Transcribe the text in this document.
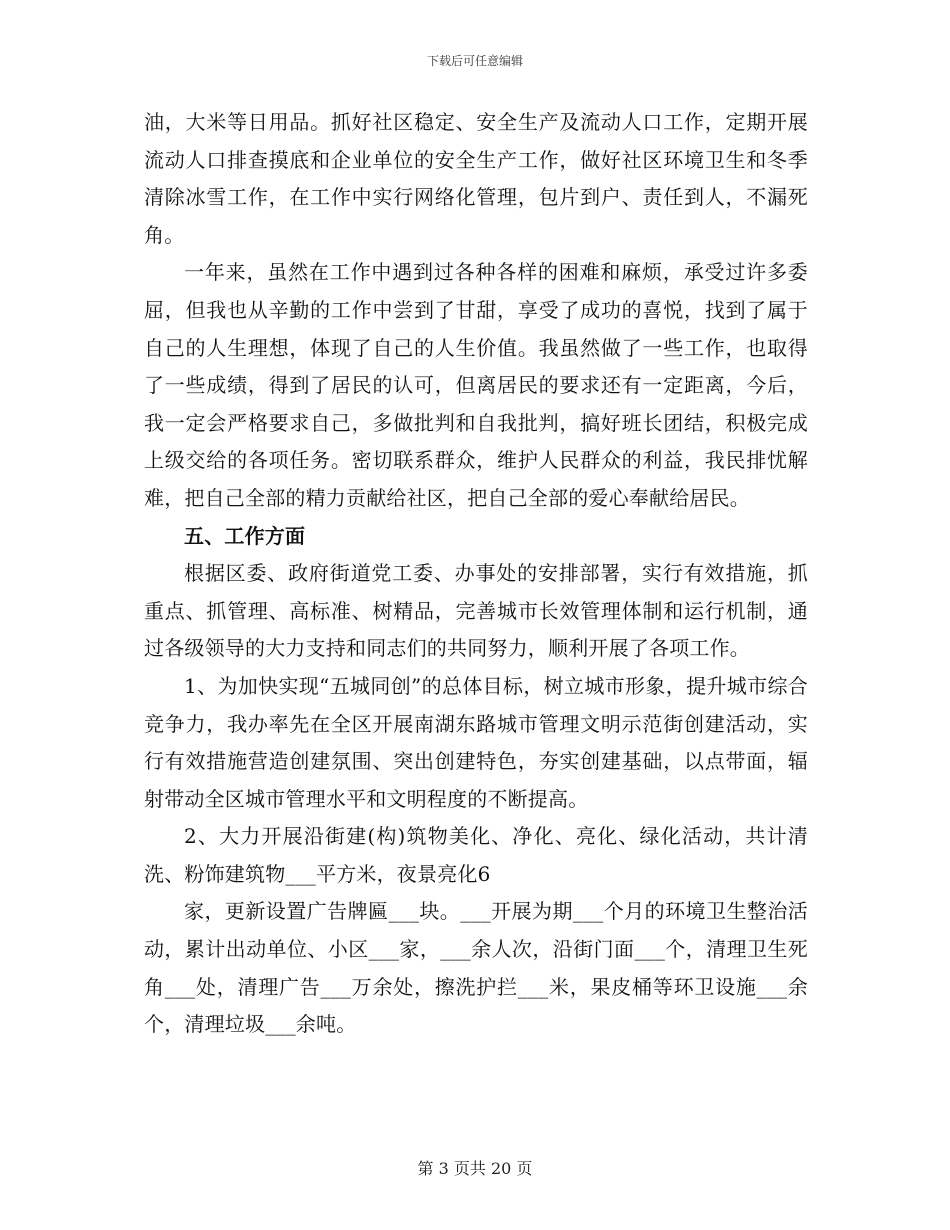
下载后可任意编辑

油，大米等日用品。抓好社区稳定、安全生产及流动人口工作，定期开展流动人口排查摸底和企业单位的安全生产工作，做好社区环境卫生和冬季清除冰雪工作，在工作中实行网络化管理，包片到户、责任到人，不漏死角。

一年来，虽然在工作中遇到过各种各样的困难和麻烦，承受过许多委屈，但我也从辛勤的工作中尝到了甘甜，享受了成功的喜悦，找到了属于自己的人生理想，体现了自己的人生价值。我虽然做了一些工作，也取得了一些成绩，得到了居民的认可，但离居民的要求还有一定距离，今后，我一定会严格要求自己，多做批判和自我批判，搞好班长团结，积极完成上级交给的各项任务。密切联系群众，维护人民群众的利益，我民排忧解难，把自己全部的精力贡献给社区，把自己全部的爱心奉献给居民。

五、工作方面

根据区委、政府街道党工委、办事处的安排部署，实行有效措施，抓重点、抓管理、高标准、树精品，完善城市长效管理体制和运行机制，通过各级领导的大力支持和同志们的共同努力，顺利开展了各项工作。

1、为加快实现“五城同创”的总体目标，树立城市形象，提升城市综合竞争力，我办率先在全区开展南湖东路城市管理文明示范街创建活动，实行有效措施营造创建氛围、突出创建特色，夯实创建基础，以点带面，辐射带动全区城市管理水平和文明程度的不断提高。

2、大力开展沿街建(构)筑物美化、净化、亮化、绿化活动，共计清洗、粉饰建筑物___平方米，夜景亮化6

家，更新设置广告牌匾___块。___开展为期___个月的环境卫生整治活动，累计出动单位、小区___家，___余人次，沿街门面___个，清理卫生死角___处，清理广告___万余处，擦洗护拦___米，果皮桶等环卫设施___余个，清理垃圾___余吨。

第 3 页共 20 页
